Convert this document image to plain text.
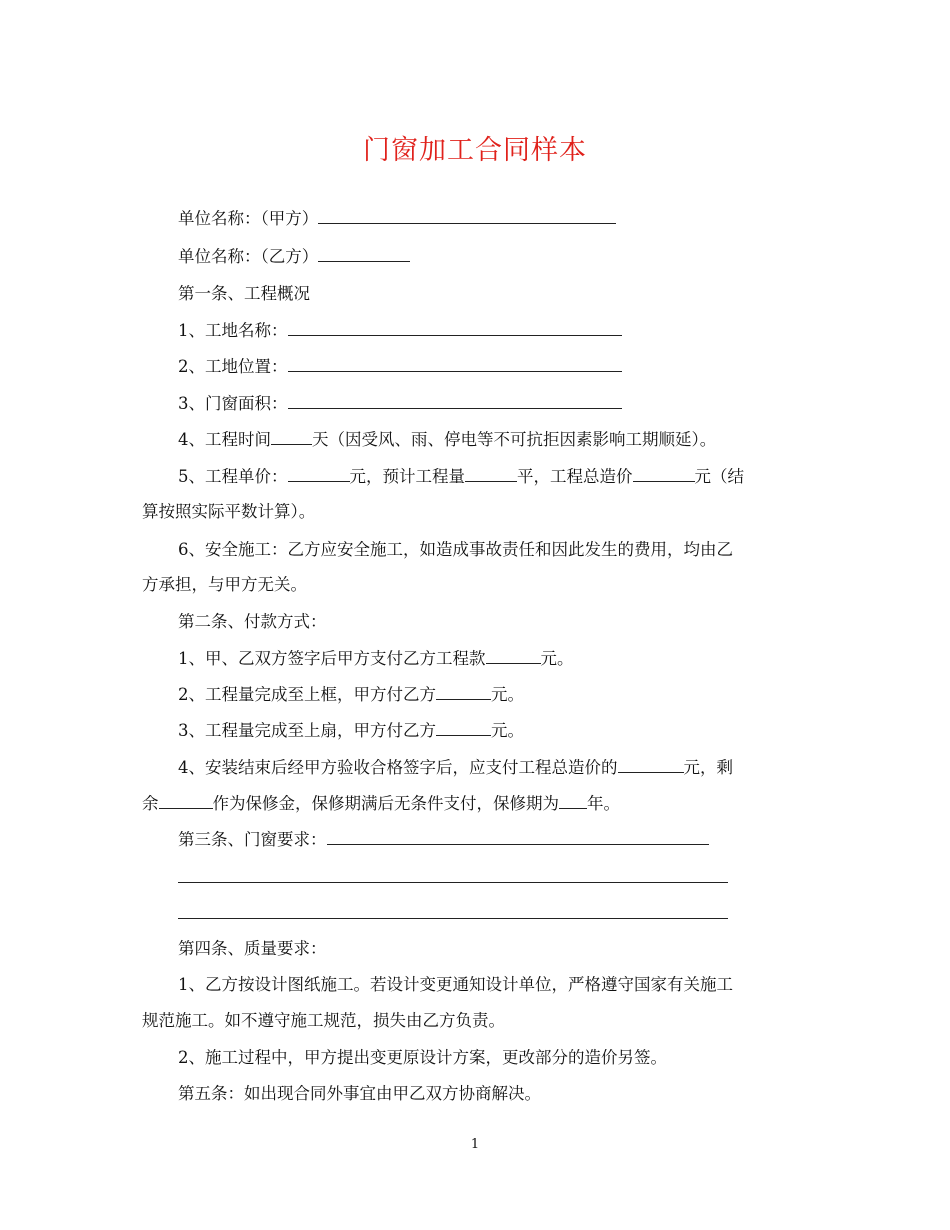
门窗加工合同样本
单位名称：（甲方）
单位名称：（乙方）
第一条、工程概况
1、工地名称：
2、工地位置：
3、门窗面积：
4、工程时间 天（因受风、雨、停电等不可抗拒因素影响工期顺延）。
5、工程单价：	元，预计工程量	平，工程总造价	元（结
算按照实际平数计算）。
6、安全施工：乙方应安全施工，如造成事故责任和因此发生的费用，均由乙
方承担，与甲方无关。
第二条、付款方式：
1、甲、乙双方签字后甲方支付乙方工程款	元。
2、工程量完成至上框，甲方付乙方	元。
3、工程量完成至上扇，甲方付乙方	元。
4、安装结束后经甲方验收合格签字后，应支付工程总造价的	元，剩
余	作为保修金，保修期满后无条件支付，保修期为 年。
第三条、门窗要求：
第四条、质量要求：
1、乙方按设计图纸施工。若设计变更通知设计单位，严格遵守国家有关施工
规范施工。如不遵守施工规范，损失由乙方负责。
2、施工过程中，甲方提出变更原设计方案，更改部分的造价另签。
第五条：如出现合同外事宜由甲乙双方协商解决。
1
